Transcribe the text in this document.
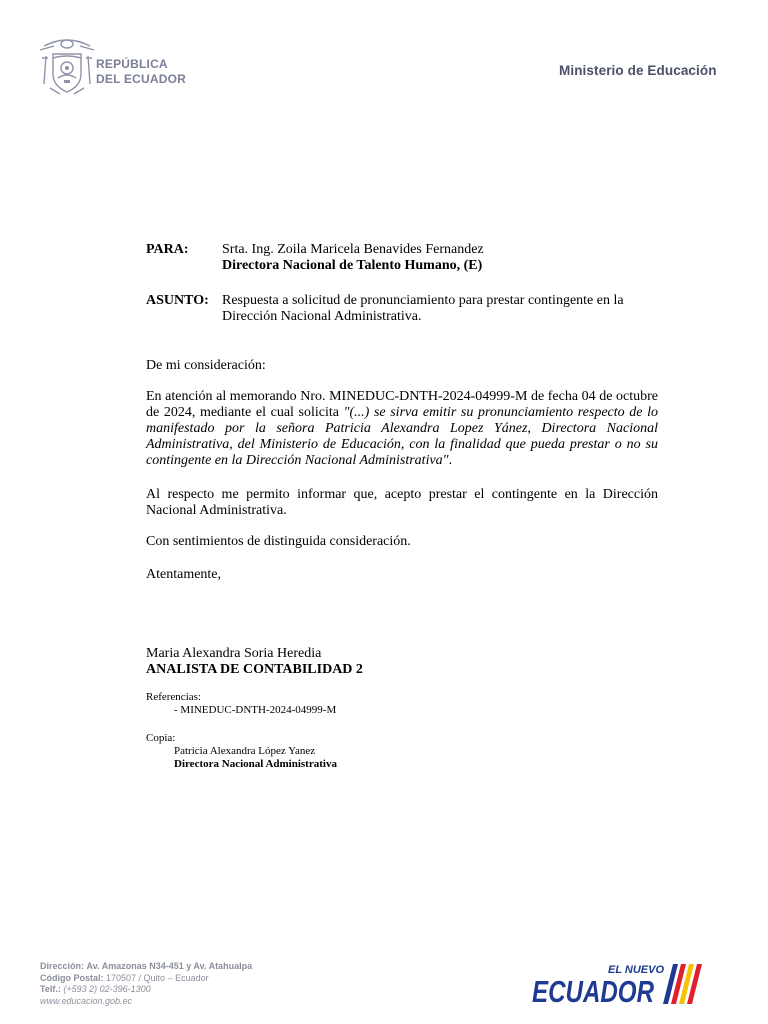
REPÚBLICA
DEL ECUADOR
Ministerio de Educación
PARA: Srta. Ing. Zoila Maricela Benavides Fernandez
Directora Nacional de Talento Humano, (E)
ASUNTO: Respuesta a solicitud de pronunciamiento para prestar contingente en la Dirección Nacional Administrativa.
De mi consideración:
En atención al memorando Nro. MINEDUC-DNTH-2024-04999-M de fecha 04 de octubre de 2024, mediante el cual solicita "(...) se sirva emitir su pronunciamiento respecto de lo manifestado por la señora Patricia Alexandra Lopez Yánez, Directora Nacional Administrativa, del Ministerio de Educación, con la finalidad que pueda prestar o no su contingente en la Dirección Nacional Administrativa".
Al respecto me permito informar que, acepto prestar el contingente en la Dirección Nacional Administrativa.
Con sentimientos de distinguida consideración.
Atentamente,
Maria Alexandra Soria Heredia
ANALISTA DE CONTABILIDAD 2
Referencias:
- MINEDUC-DNTH-2024-04999-M
Copia:
Patricia Alexandra López Yanez
Directora Nacional Administrativa
Dirección: Av. Amazonas N34-451 y Av. Atahualpa
Código Postal: 170507 / Quito – Ecuador
Telf.: (+593 2) 02-396-1300
www.educacion.gob.ec
EL NUEVO
ECUADOR
